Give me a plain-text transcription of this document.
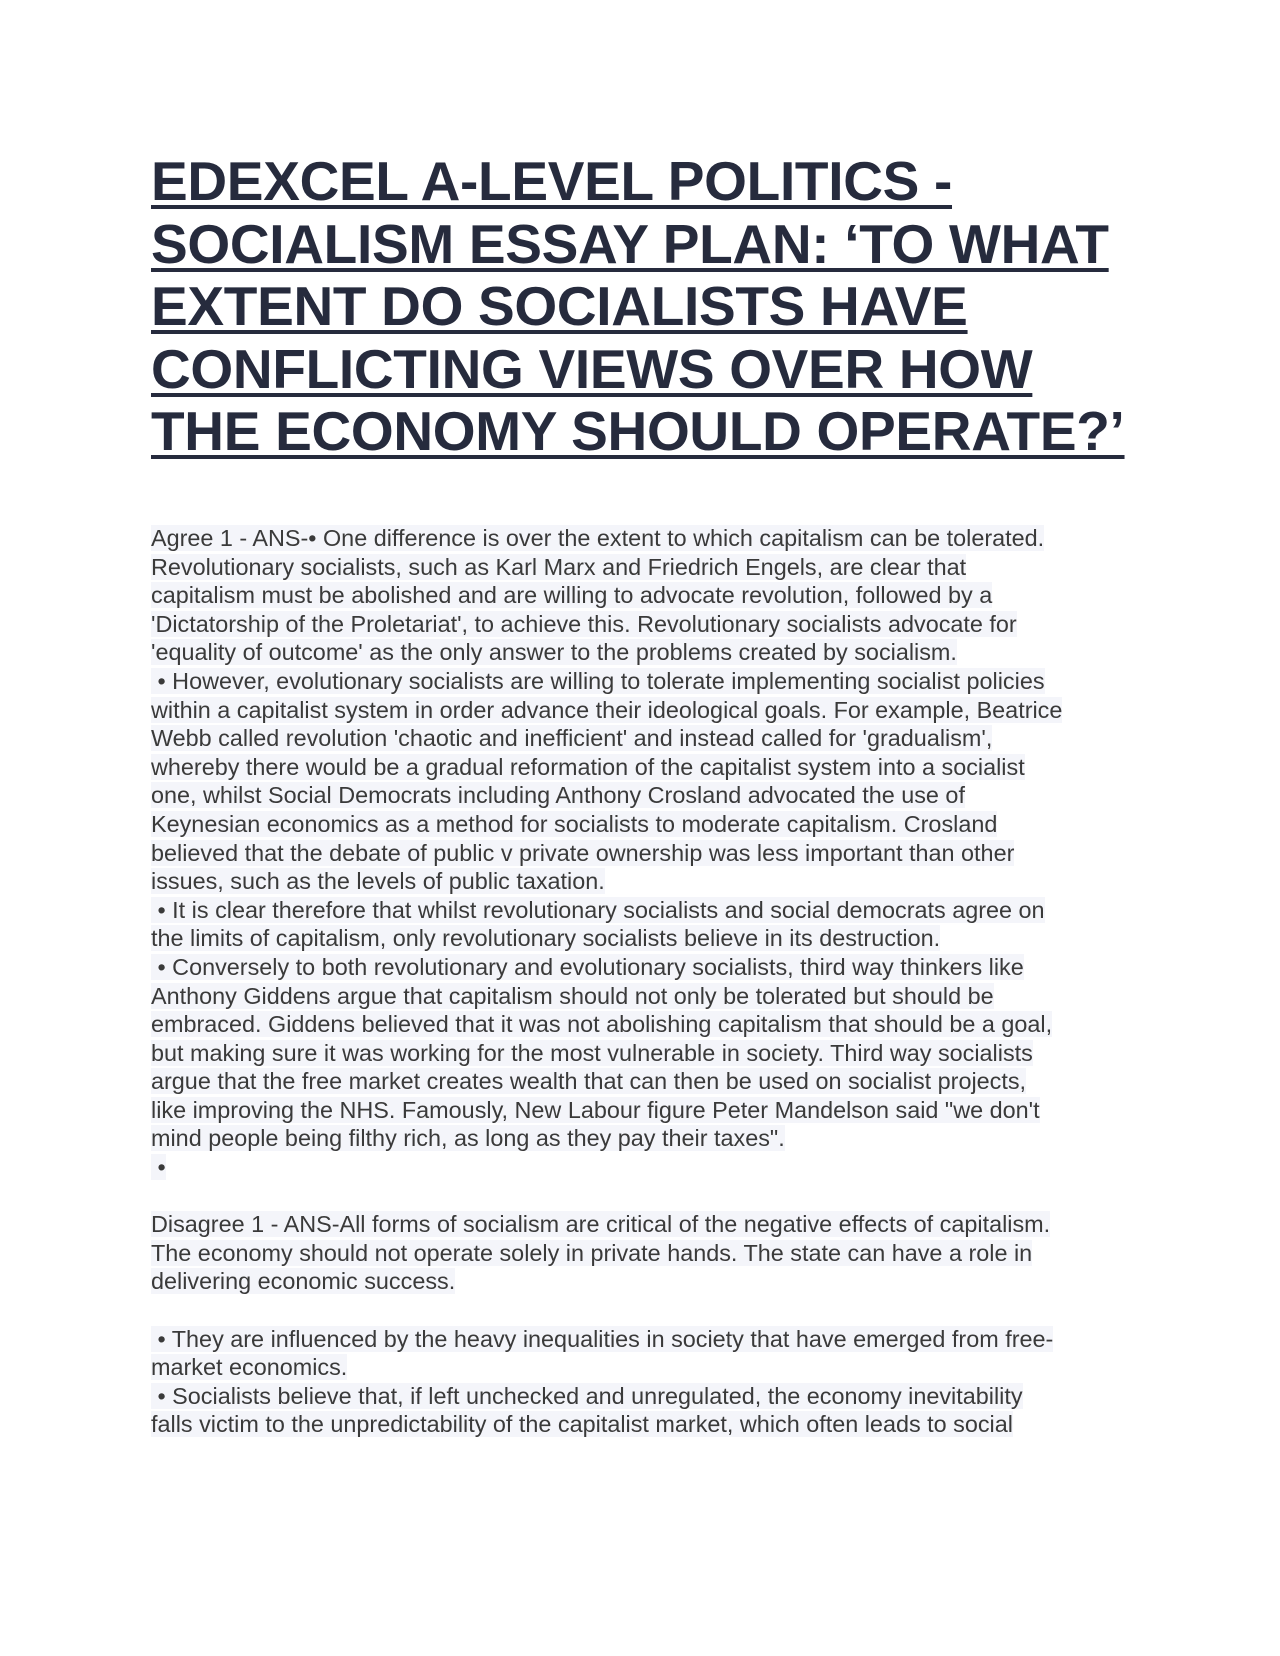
EDEXCEL A-LEVEL POLITICS -
SOCIALISM ESSAY PLAN: ‘TO WHAT
EXTENT DO SOCIALISTS HAVE
CONFLICTING VIEWS OVER HOW
THE ECONOMY SHOULD OPERATE?’
Agree 1 - ANS-• One difference is over the extent to which capitalism can be tolerated.
Revolutionary socialists, such as Karl Marx and Friedrich Engels, are clear that
capitalism must be abolished and are willing to advocate revolution, followed by a
'Dictatorship of the Proletariat', to achieve this. Revolutionary socialists advocate for
'equality of outcome' as the only answer to the problems created by socialism.
• However, evolutionary socialists are willing to tolerate implementing socialist policies
within a capitalist system in order advance their ideological goals. For example, Beatrice
Webb called revolution 'chaotic and inefficient' and instead called for 'gradualism',
whereby there would be a gradual reformation of the capitalist system into a socialist
one, whilst Social Democrats including Anthony Crosland advocated the use of
Keynesian economics as a method for socialists to moderate capitalism. Crosland
believed that the debate of public v private ownership was less important than other
issues, such as the levels of public taxation.
• It is clear therefore that whilst revolutionary socialists and social democrats agree on
the limits of capitalism, only revolutionary socialists believe in its destruction.
• Conversely to both revolutionary and evolutionary socialists, third way thinkers like
Anthony Giddens argue that capitalism should not only be tolerated but should be
embraced. Giddens believed that it was not abolishing capitalism that should be a goal,
but making sure it was working for the most vulnerable in society. Third way socialists
argue that the free market creates wealth that can then be used on socialist projects,
like improving the NHS. Famously, New Labour figure Peter Mandelson said "we don't
mind people being filthy rich, as long as they pay their taxes".
•
Disagree 1 - ANS-All forms of socialism are critical of the negative effects of capitalism.
The economy should not operate solely in private hands. The state can have a role in
delivering economic success.
• They are influenced by the heavy inequalities in society that have emerged from free-
market economics.
• Socialists believe that, if left unchecked and unregulated, the economy inevitability
falls victim to the unpredictability of the capitalist market, which often leads to social
